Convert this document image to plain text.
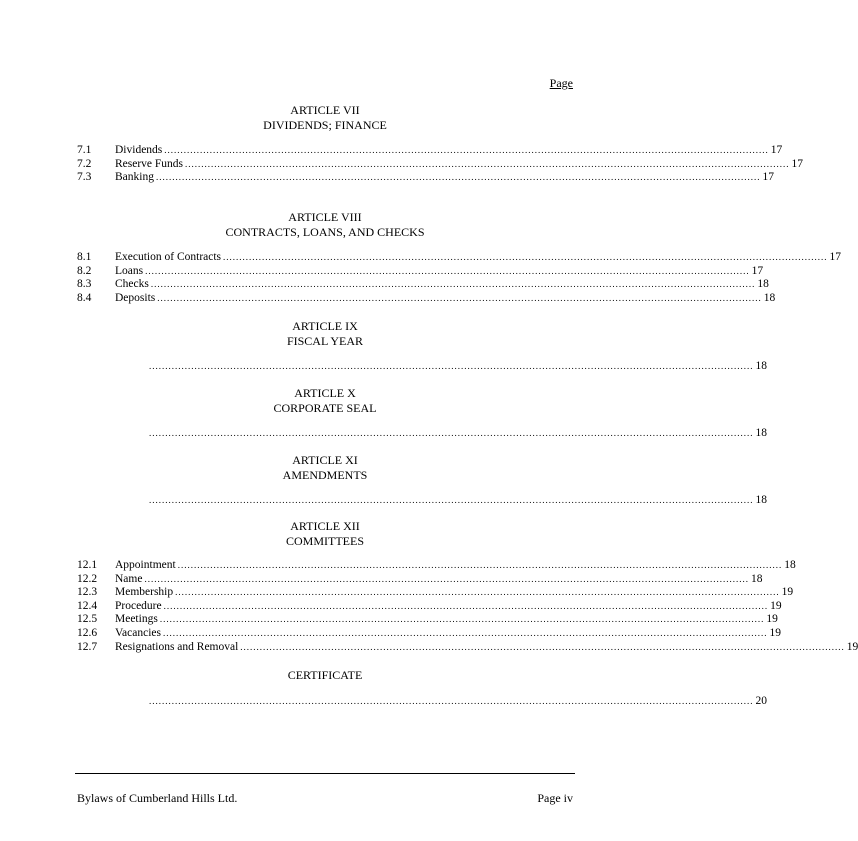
Page
ARTICLE VII
DIVIDENDS; FINANCE
7.1	Dividends .......................................................................................................................................................................................... 17
7.2	Reserve Funds .......................................................................................................................................................................................... 17
7.3	Banking .......................................................................................................................................................................................... 17
ARTICLE VIII
CONTRACTS, LOANS, AND CHECKS
8.1	Execution of Contracts .......................................................................................................................................................................................... 17
8.2	Loans .......................................................................................................................................................................................... 17
8.3	Checks .......................................................................................................................................................................................... 18
8.4	Deposits .......................................................................................................................................................................................... 18
ARTICLE IX
FISCAL YEAR
.......................................................................................................................................................................................... 18
ARTICLE X
CORPORATE SEAL
.......................................................................................................................................................................................... 18
ARTICLE XI
AMENDMENTS
.......................................................................................................................................................................................... 18
ARTICLE XII
COMMITTEES
12.1	Appointment .......................................................................................................................................................................................... 18
12.2	Name .......................................................................................................................................................................................... 18
12.3	Membership .......................................................................................................................................................................................... 19
12.4	Procedure .......................................................................................................................................................................................... 19
12.5	Meetings .......................................................................................................................................................................................... 19
12.6	Vacancies .......................................................................................................................................................................................... 19
12.7	Resignations and Removal .......................................................................................................................................................................................... 19
CERTIFICATE
.......................................................................................................................................................................................... 20
Bylaws of Cumberland Hills Ltd.	Page iv
